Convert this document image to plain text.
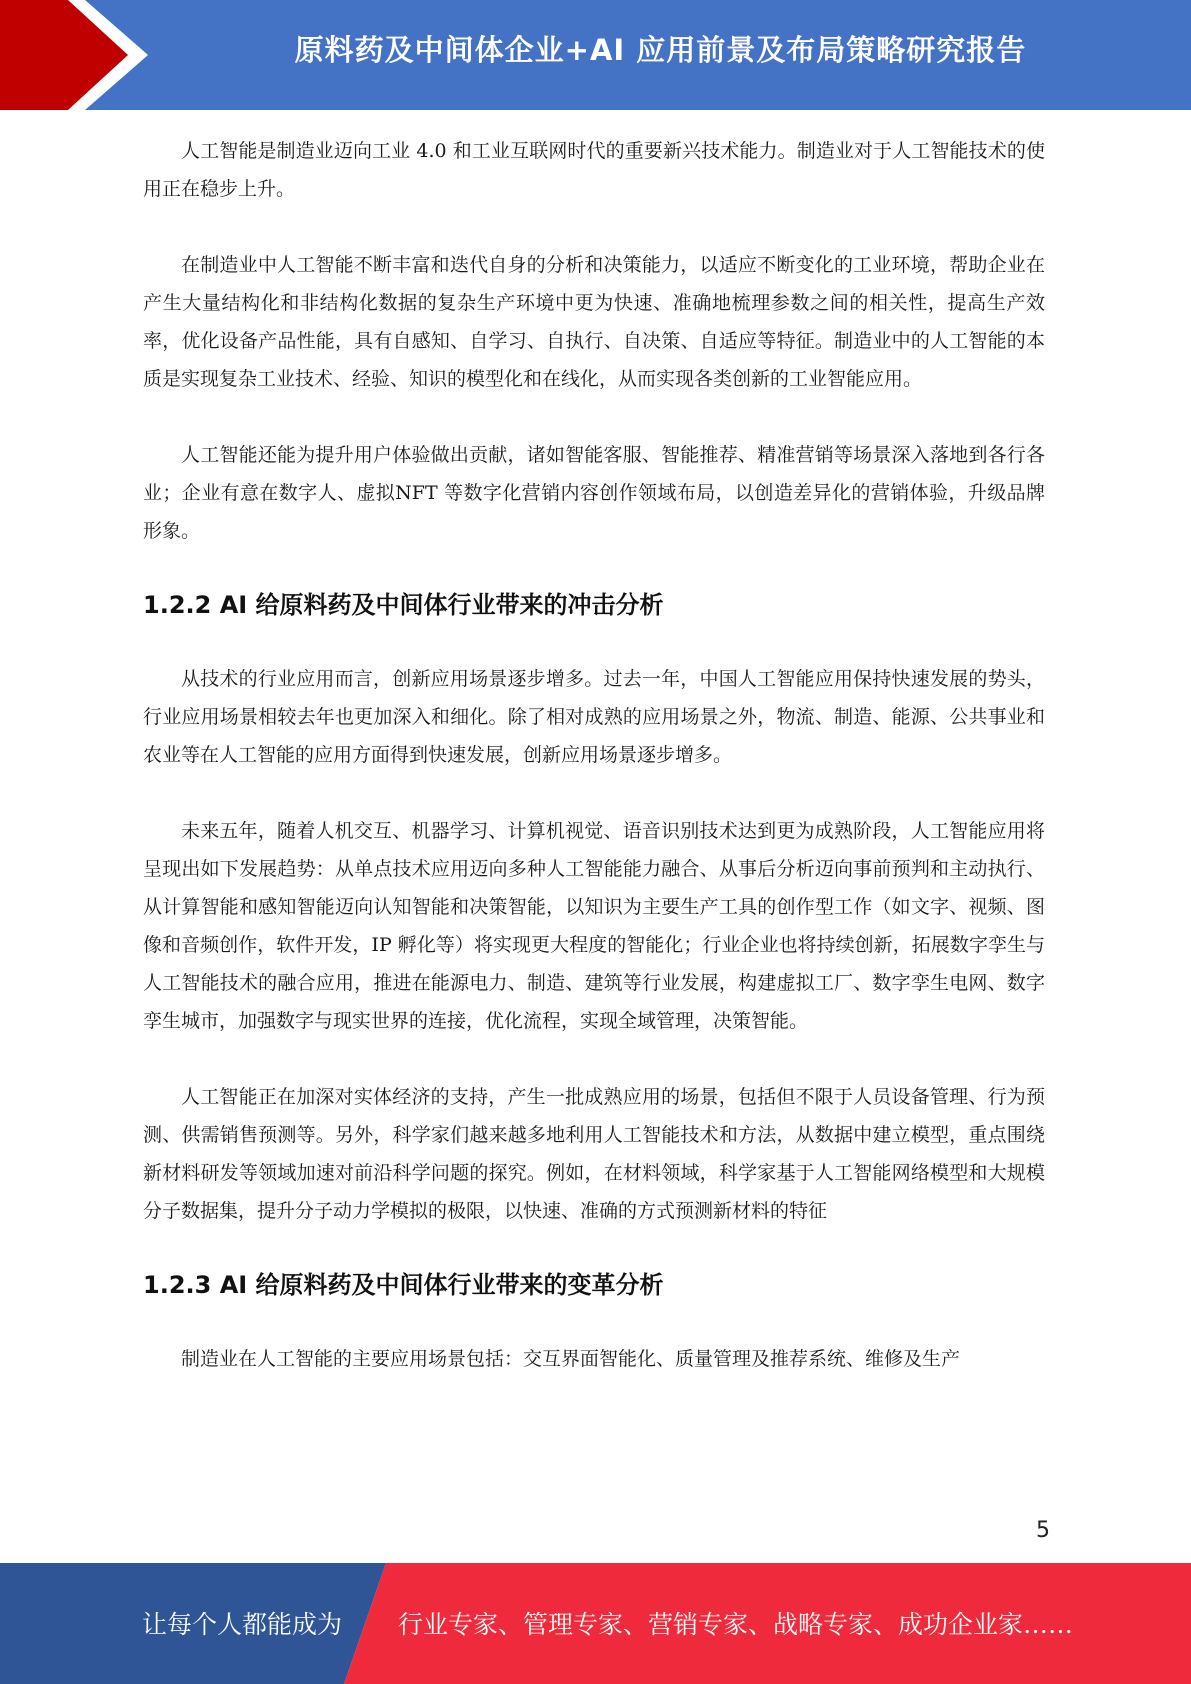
原料药及中间体企业+AI 应用前景及布局策略研究报告

人工智能是制造业迈向工业 4.0 和工业互联网时代的重要新兴技术能力。制造业对于人工智能技术的使用正在稳步上升。

在制造业中人工智能不断丰富和迭代自身的分析和决策能力，以适应不断变化的工业环境，帮助企业在产生大量结构化和非结构化数据的复杂生产环境中更为快速、准确地梳理参数之间的相关性，提高生产效率，优化设备产品性能，具有自感知、自学习、自执行、自决策、自适应等特征。制造业中的人工智能的本质是实现复杂工业技术、经验、知识的模型化和在线化，从而实现各类创新的工业智能应用。

人工智能还能为提升用户体验做出贡献，诸如智能客服、智能推荐、精准营销等场景深入落地到各行各业；企业有意在数字人、虚拟NFT 等数字化营销内容创作领域布局，以创造差异化的营销体验，升级品牌形象。

1.2.2 AI 给原料药及中间体行业带来的冲击分析

从技术的行业应用而言，创新应用场景逐步增多。过去一年，中国人工智能应用保持快速发展的势头，行业应用场景相较去年也更加深入和细化。除了相对成熟的应用场景之外，物流、制造、能源、公共事业和农业等在人工智能的应用方面得到快速发展，创新应用场景逐步增多。

未来五年，随着人机交互、机器学习、计算机视觉、语音识别技术达到更为成熟阶段，人工智能应用将呈现出如下发展趋势：从单点技术应用迈向多种人工智能能力融合、从事后分析迈向事前预判和主动执行、从计算智能和感知智能迈向认知智能和决策智能，以知识为主要生产工具的创作型工作（如文字、视频、图像和音频创作，软件开发，IP 孵化等）将实现更大程度的智能化；行业企业也将持续创新，拓展数字孪生与人工智能技术的融合应用，推进在能源电力、制造、建筑等行业发展，构建虚拟工厂、数字孪生电网、数字孪生城市，加强数字与现实世界的连接，优化流程，实现全域管理，决策智能。

人工智能正在加深对实体经济的支持，产生一批成熟应用的场景，包括但不限于人员设备管理、行为预测、供需销售预测等。另外，科学家们越来越多地利用人工智能技术和方法，从数据中建立模型，重点围绕新材料研发等领域加速对前沿科学问题的探究。例如，在材料领域，科学家基于人工智能网络模型和大规模分子数据集，提升分子动力学模拟的极限，以快速、准确的方式预测新材料的特征

1.2.3 AI 给原料药及中间体行业带来的变革分析

制造业在人工智能的主要应用场景包括：交互界面智能化、质量管理及推荐系统、维修及生产

5
让每个人都能成为 行业专家、管理专家、营销专家、战略专家、成功企业家……
